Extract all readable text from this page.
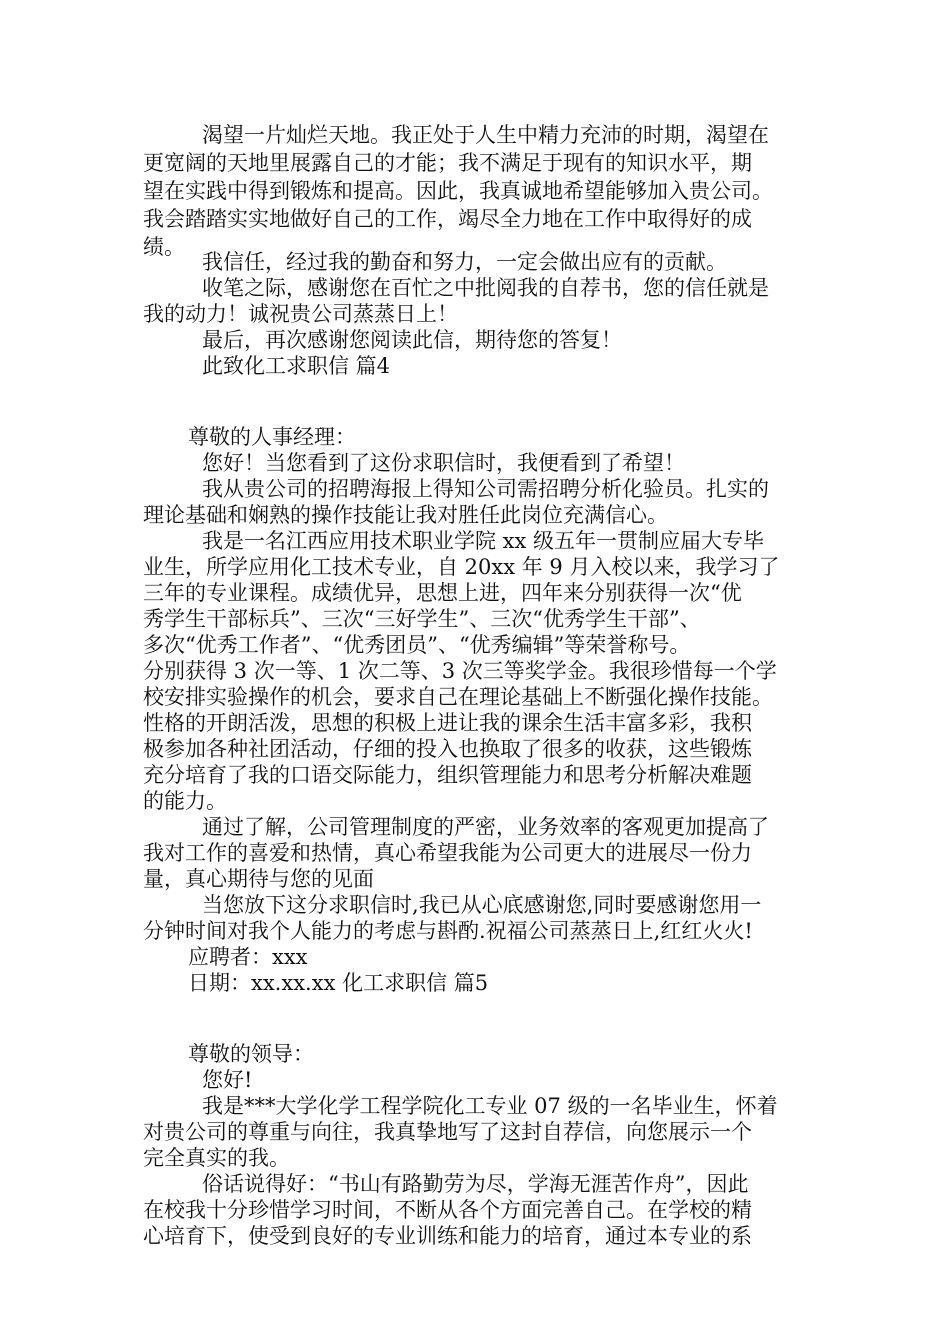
渴望一片灿烂天地。我正处于人生中精力充沛的时期，渴望在
更宽阔的天地里展露自己的才能；我不满足于现有的知识水平，期
望在实践中得到锻炼和提高。因此，我真诚地希望能够加入贵公司。
我会踏踏实实地做好自己的工作，竭尽全力地在工作中取得好的成
绩。
我信任，经过我的勤奋和努力，一定会做出应有的贡献。
收笔之际，感谢您在百忙之中批阅我的自荐书，您的信任就是
我的动力！诚祝贵公司蒸蒸日上！
最后，再次感谢您阅读此信，期待您的答复！
此致化工求职信 篇4
尊敬的人事经理：
您好！当您看到了这份求职信时，我便看到了希望！
我从贵公司的招聘海报上得知公司需招聘分析化验员。扎实的
理论基础和娴熟的操作技能让我对胜任此岗位充满信心。
我是一名江西应用技术职业学院 xx 级五年一贯制应届大专毕
业生，所学应用化工技术专业，自 20xx 年 9 月入校以来，我学习了
三年的专业课程。成绩优异，思想上进，四年来分别获得一次“优
秀学生干部标兵”、三次“三好学生”、三次“优秀学生干部”、
多次“优秀工作者”、“优秀团员”、“优秀编辑”等荣誉称号。
分别获得 3 次一等、1 次二等、3 次三等奖学金。我很珍惜每一个学
校安排实验操作的机会，要求自己在理论基础上不断强化操作技能。
性格的开朗活泼，思想的积极上进让我的课余生活丰富多彩，我积
极参加各种社团活动，仔细的投入也换取了很多的收获，这些锻炼
充分培育了我的口语交际能力，组织管理能力和思考分析解决难题
的能力。
通过了解，公司管理制度的严密，业务效率的客观更加提高了
我对工作的喜爱和热情，真心希望我能为公司更大的进展尽一份力
量，真心期待与您的见面
当您放下这分求职信时,我已从心底感谢您,同时要感谢您用一
分钟时间对我个人能力的考虑与斟酌.祝福公司蒸蒸日上,红红火火!
应聘者：xxx
日期：xx.xx.xx 化工求职信 篇5
尊敬的领导：
您好!
我是***大学化学工程学院化工专业 07 级的一名毕业生，怀着
对贵公司的尊重与向往，我真挚地写了这封自荐信，向您展示一个
完全真实的我。
俗话说得好：“书山有路勤劳为尽，学海无涯苦作舟”，因此
在校我十分珍惜学习时间，不断从各个方面完善自己。在学校的精
心培育下，使受到良好的专业训练和能力的培育，通过本专业的系
